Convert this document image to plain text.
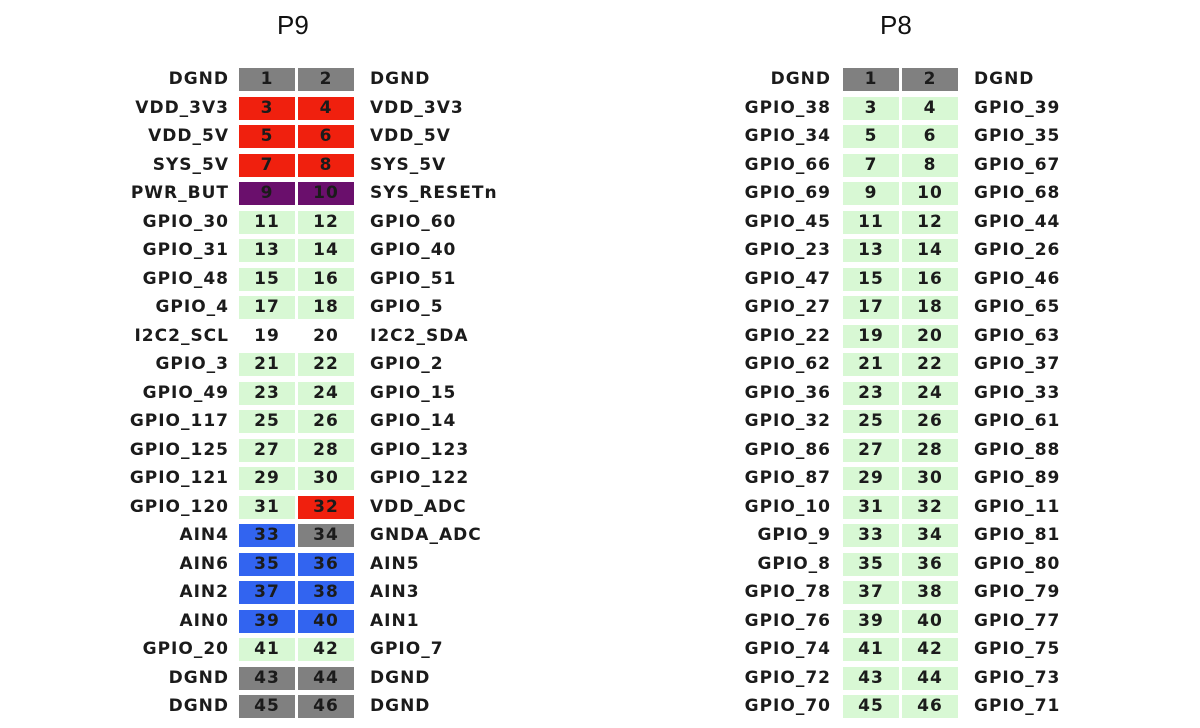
P9	P8
DGND	1	2	DGND
VDD_3V3	3	4	VDD_3V3
VDD_5V	5	6	VDD_5V
SYS_5V	7	8	SYS_5V
PWR_BUT	9	10	SYS_RESETn
GPIO_30	11	12	GPIO_60
GPIO_31	13	14	GPIO_40
GPIO_48	15	16	GPIO_51
GPIO_4	17	18	GPIO_5
I2C2_SCL	19	20	I2C2_SDA
GPIO_3	21	22	GPIO_2
GPIO_49	23	24	GPIO_15
GPIO_117	25	26	GPIO_14
GPIO_125	27	28	GPIO_123
GPIO_121	29	30	GPIO_122
GPIO_120	31	32	VDD_ADC
AIN4	33	34	GNDA_ADC
AIN6	35	36	AIN5
AIN2	37	38	AIN3
AIN0	39	40	AIN1
GPIO_20	41	42	GPIO_7
DGND	43	44	DGND
DGND	45	46	DGND
DGND	1	2	DGND
GPIO_38	3	4	GPIO_39
GPIO_34	5	6	GPIO_35
GPIO_66	7	8	GPIO_67
GPIO_69	9	10	GPIO_68
GPIO_45	11	12	GPIO_44
GPIO_23	13	14	GPIO_26
GPIO_47	15	16	GPIO_46
GPIO_27	17	18	GPIO_65
GPIO_22	19	20	GPIO_63
GPIO_62	21	22	GPIO_37
GPIO_36	23	24	GPIO_33
GPIO_32	25	26	GPIO_61
GPIO_86	27	28	GPIO_88
GPIO_87	29	30	GPIO_89
GPIO_10	31	32	GPIO_11
GPIO_9	33	34	GPIO_81
GPIO_8	35	36	GPIO_80
GPIO_78	37	38	GPIO_79
GPIO_76	39	40	GPIO_77
GPIO_74	41	42	GPIO_75
GPIO_72	43	44	GPIO_73
GPIO_70	45	46	GPIO_71
